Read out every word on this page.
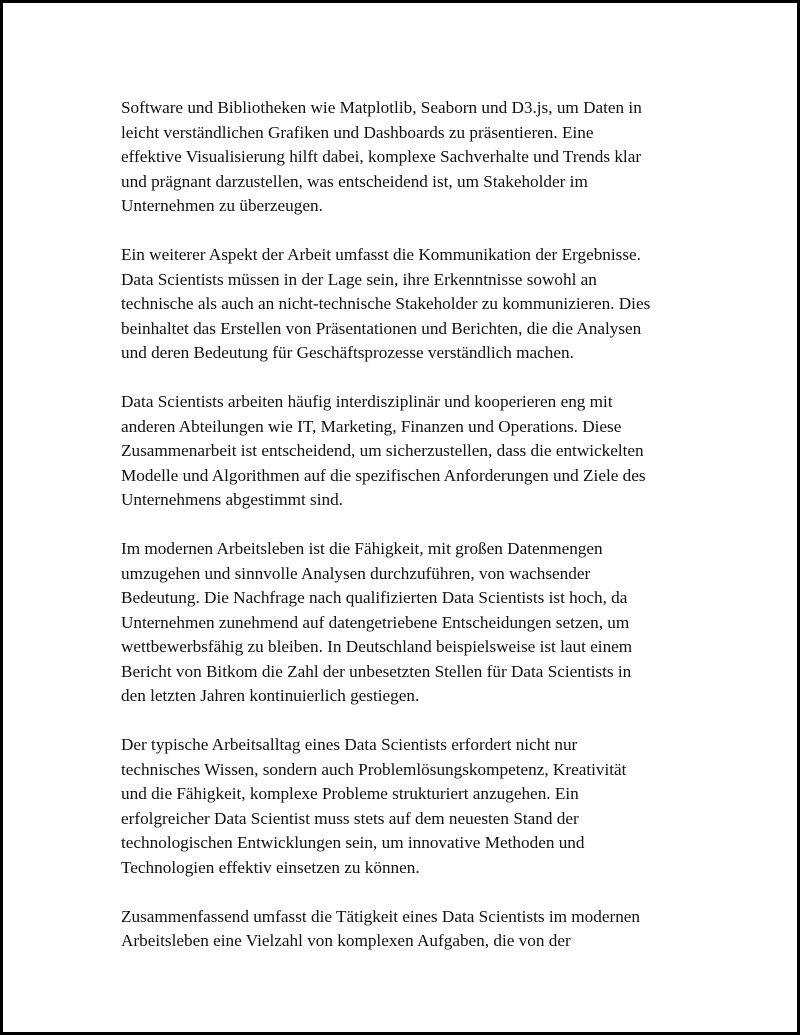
Software und Bibliotheken wie Matplotlib, Seaborn und D3.js, um Daten in
leicht verständlichen Grafiken und Dashboards zu präsentieren. Eine
effektive Visualisierung hilft dabei, komplexe Sachverhalte und Trends klar
und prägnant darzustellen, was entscheidend ist, um Stakeholder im
Unternehmen zu überzeugen.

Ein weiterer Aspekt der Arbeit umfasst die Kommunikation der Ergebnisse.
Data Scientists müssen in der Lage sein, ihre Erkenntnisse sowohl an
technische als auch an nicht-technische Stakeholder zu kommunizieren. Dies
beinhaltet das Erstellen von Präsentationen und Berichten, die die Analysen
und deren Bedeutung für Geschäftsprozesse verständlich machen.

Data Scientists arbeiten häufig interdisziplinär und kooperieren eng mit
anderen Abteilungen wie IT, Marketing, Finanzen und Operations. Diese
Zusammenarbeit ist entscheidend, um sicherzustellen, dass die entwickelten
Modelle und Algorithmen auf die spezifischen Anforderungen und Ziele des
Unternehmens abgestimmt sind.

Im modernen Arbeitsleben ist die Fähigkeit, mit großen Datenmengen
umzugehen und sinnvolle Analysen durchzuführen, von wachsender
Bedeutung. Die Nachfrage nach qualifizierten Data Scientists ist hoch, da
Unternehmen zunehmend auf datengetriebene Entscheidungen setzen, um
wettbewerbsfähig zu bleiben. In Deutschland beispielsweise ist laut einem
Bericht von Bitkom die Zahl der unbesetzten Stellen für Data Scientists in
den letzten Jahren kontinuierlich gestiegen.

Der typische Arbeitsalltag eines Data Scientists erfordert nicht nur
technisches Wissen, sondern auch Problemlösungskompetenz, Kreativität
und die Fähigkeit, komplexe Probleme strukturiert anzugehen. Ein
erfolgreicher Data Scientist muss stets auf dem neuesten Stand der
technologischen Entwicklungen sein, um innovative Methoden und
Technologien effektiv einsetzen zu können.

Zusammenfassend umfasst die Tätigkeit eines Data Scientists im modernen
Arbeitsleben eine Vielzahl von komplexen Aufgaben, die von der
